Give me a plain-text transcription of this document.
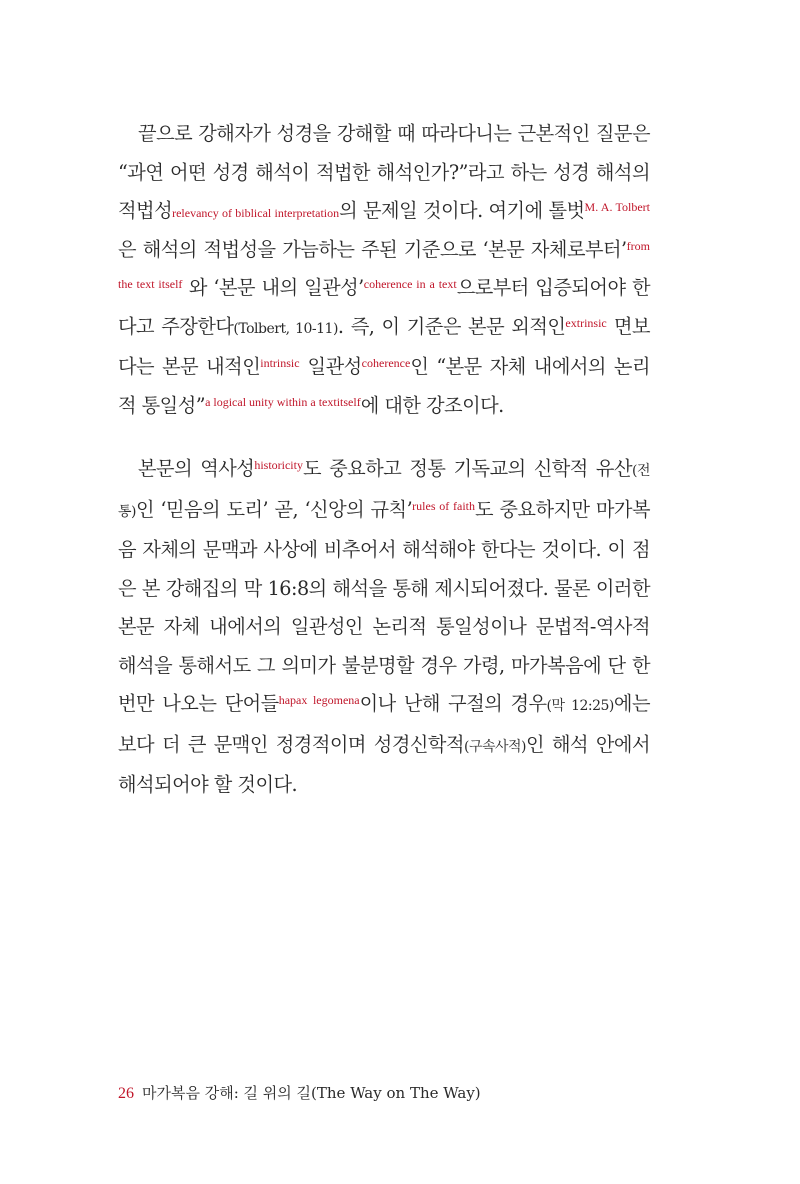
끝으로 강해자가 성경을 강해할 때 따라다니는 근본적인 질문은 “과연 어떤 성경 해석이 적법한 해석인가?”라고 하는 성경 해석의 적법성relevancy of biblical interpretation의 문제일 것이다. 여기에 톨벗$^{M. A. Tolbert}$은 해석의 적법성을 가늠하는 주된 기준으로 ‘본문 자체로부터’$^{from the text itself}$ 와 ‘본문 내의 일관성’$^{coherence in a text}$으로부터 입증되어야 한다고 주장한다(Tolbert, 10-11). 즉, 이 기준은 본문 외적인$^{extrinsic}$ 면보다는 본문 내적인$^{intrinsic}$ 일관성$^{coherence}$인 “본문 자체 내에서의 논리적 통일성”$^{a logical unity within a textitself}$에 대한 강조이다.

본문의 역사성$^{historicity}$도 중요하고 정통 기독교의 신학적 유산(전통)인 ‘믿음의 도리’ 곧, ‘신앙의 규칙’$^{rules of faith}$도 중요하지만 마가복음 자체의 문맥과 사상에 비추어서 해석해야 한다는 것이다. 이 점은 본 강해집의 막 16:8의 해석을 통해 제시되어졌다. 물론 이러한 본문 자체 내에서의 일관성인 논리적 통일성이나 문법적-역사적 해석을 통해서도 그 의미가 불분명할 경우 가령, 마가복음에 단 한 번만 나오는 단어들$^{hapax legomena}$이나 난해 구절의 경우(막 12:25)에는 보다 더 큰 문맥인 정경적이며 성경신학적(구속사적)인 해석 안에서 해석되어야 할 것이다.

26 마가복음 강해: 길 위의 길(The Way on The Way)
